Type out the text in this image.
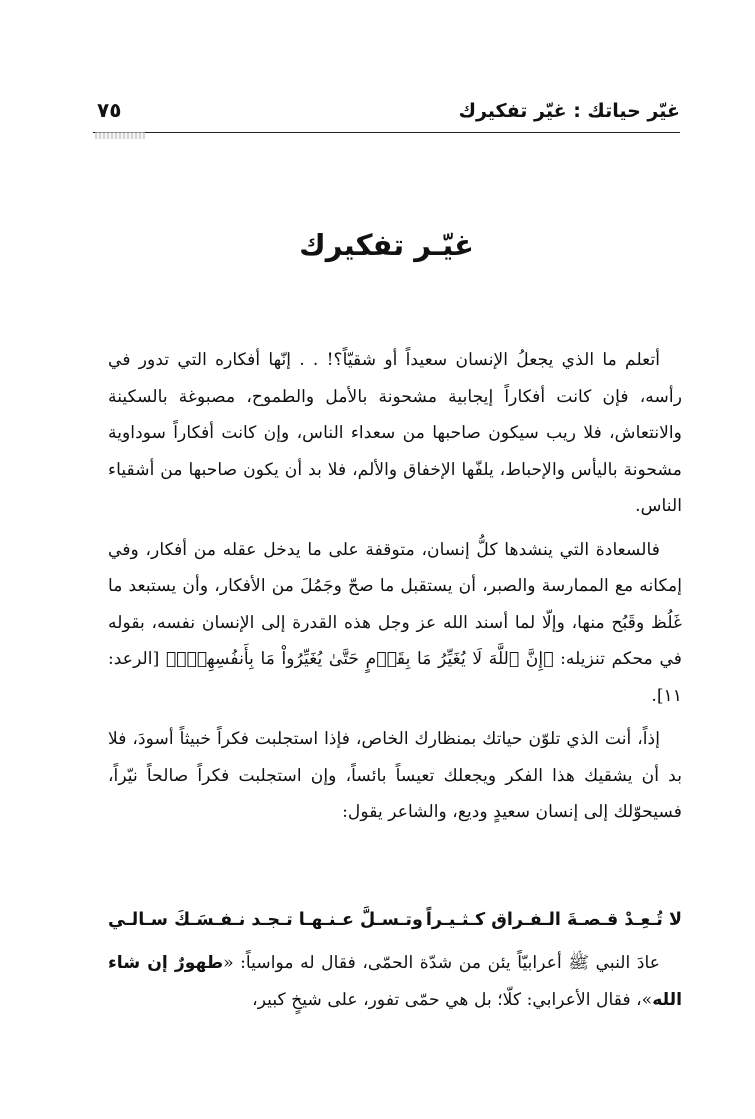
غيّر حياتك : غيّر تفكيرك
٧٥
غيّـر تفكيرك

أتعلم ما الذي يجعلُ الإنسان سعيداً أو شقيّاً؟! . . إنّها أفكاره التي تدور في رأسه، فإن كانت أفكاراً إيجابية مشحونة بالأمل والطموح، مصبوغة بالسكينة والانتعاش، فلا ريب سيكون صاحبها من سعداء الناس، وإن كانت أفكاراً سوداوية مشحونة باليأس والإحباط، يلفّها الإخفاق والألم، فلا بد أن يكون صاحبها من أشقياء الناس.

فالسعادة التي ينشدها كلُّ إنسان، متوقفة على ما يدخل عقله من أفكار، وفي إمكانه مع الممارسة والصبر، أن يستقبل ما صحّ وجَمُلَ من الأفكار، وأن يستبعد ما غَلُظ وقَبُح منها، وإلّا لما أسند الله عز وجل هذه القدرة إلى الإنسان نفسه، بقوله في محكم تنزيله: ﴿إِنَّ ٱللَّهَ لَا يُغَيِّرُ مَا بِقَوۡمٍ حَتَّىٰ يُغَيِّرُواْ مَا بِأَنفُسِهِمۡۗ﴾ [الرعد: ١١].

إذاً، أنت الذي تلوّن حياتك بمنظارك الخاص، فإذا استجلبت فكراً خبيثاً أسودَ، فلا بد أن يشقيك هذا الفكر ويجعلك تعيساً بائساً، وإن استجلبت فكراً صالحاً نيّراً، فسيحوّلك إلى إنسان سعيدٍ وديع، والشاعر يقول:

لا تُـعِـدْ قـصـةَ الـفـراق كـثـيـراً
وتـسـلَّ عـنـهـا تـجـد نـفـسَـكَ سـالـي

عادَ النبي ﷺ أعرابيّاً يئن من شدّة الحمّى، فقال له مواسياً: «طهورٌ إن شاء الله»، فقال الأعرابي: كلّا؛ بل هي حمّى تفور، على شيخٍ كبير،
